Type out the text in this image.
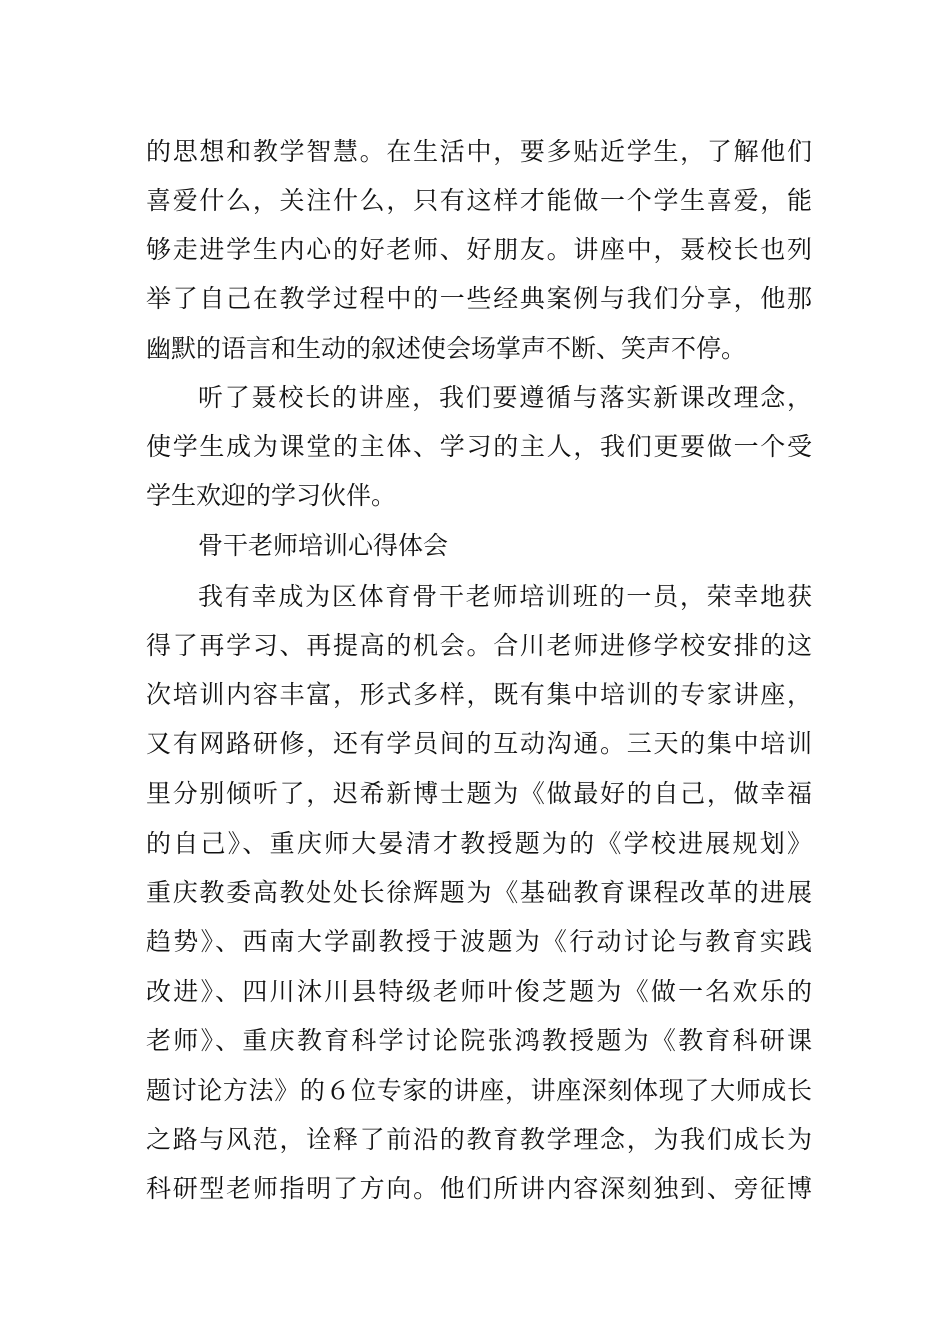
的思想和教学智慧。在生活中，要多贴近学生，了解他们
喜爱什么，关注什么，只有这样才能做一个学生喜爱，能
够走进学生内心的好老师、好朋友。讲座中，聂校长也列
举了自己在教学过程中的一些经典案例与我们分享，他那
幽默的语言和生动的叙述使会场掌声不断、笑声不停。
听了聂校长的讲座，我们要遵循与落实新课改理念，
使学生成为课堂的主体、学习的主人，我们更要做一个受
学生欢迎的学习伙伴。
骨干老师培训心得体会
我有幸成为区体育骨干老师培训班的一员，荣幸地获
得了再学习、再提高的机会。合川老师进修学校安排的这
次培训内容丰富，形式多样，既有集中培训的专家讲座，
又有网路研修，还有学员间的互动沟通。三天的集中培训
里分别倾听了，迟希新博士题为《做最好的自己，做幸福
的自己》、重庆师大晏清才教授题为的《学校进展规划》
重庆教委高教处处长徐辉题为《基础教育课程改革的进展
趋势》、西南大学副教授于波题为《行动讨论与教育实践
改进》、四川沐川县特级老师叶俊芝题为《做一名欢乐的
老师》、重庆教育科学讨论院张鸿教授题为《教育科研课
题讨论方法》的６位专家的讲座，讲座深刻体现了大师成长
之路与风范，诠释了前沿的教育教学理念，为我们成长为
科研型老师指明了方向。他们所讲内容深刻独到、旁征博
